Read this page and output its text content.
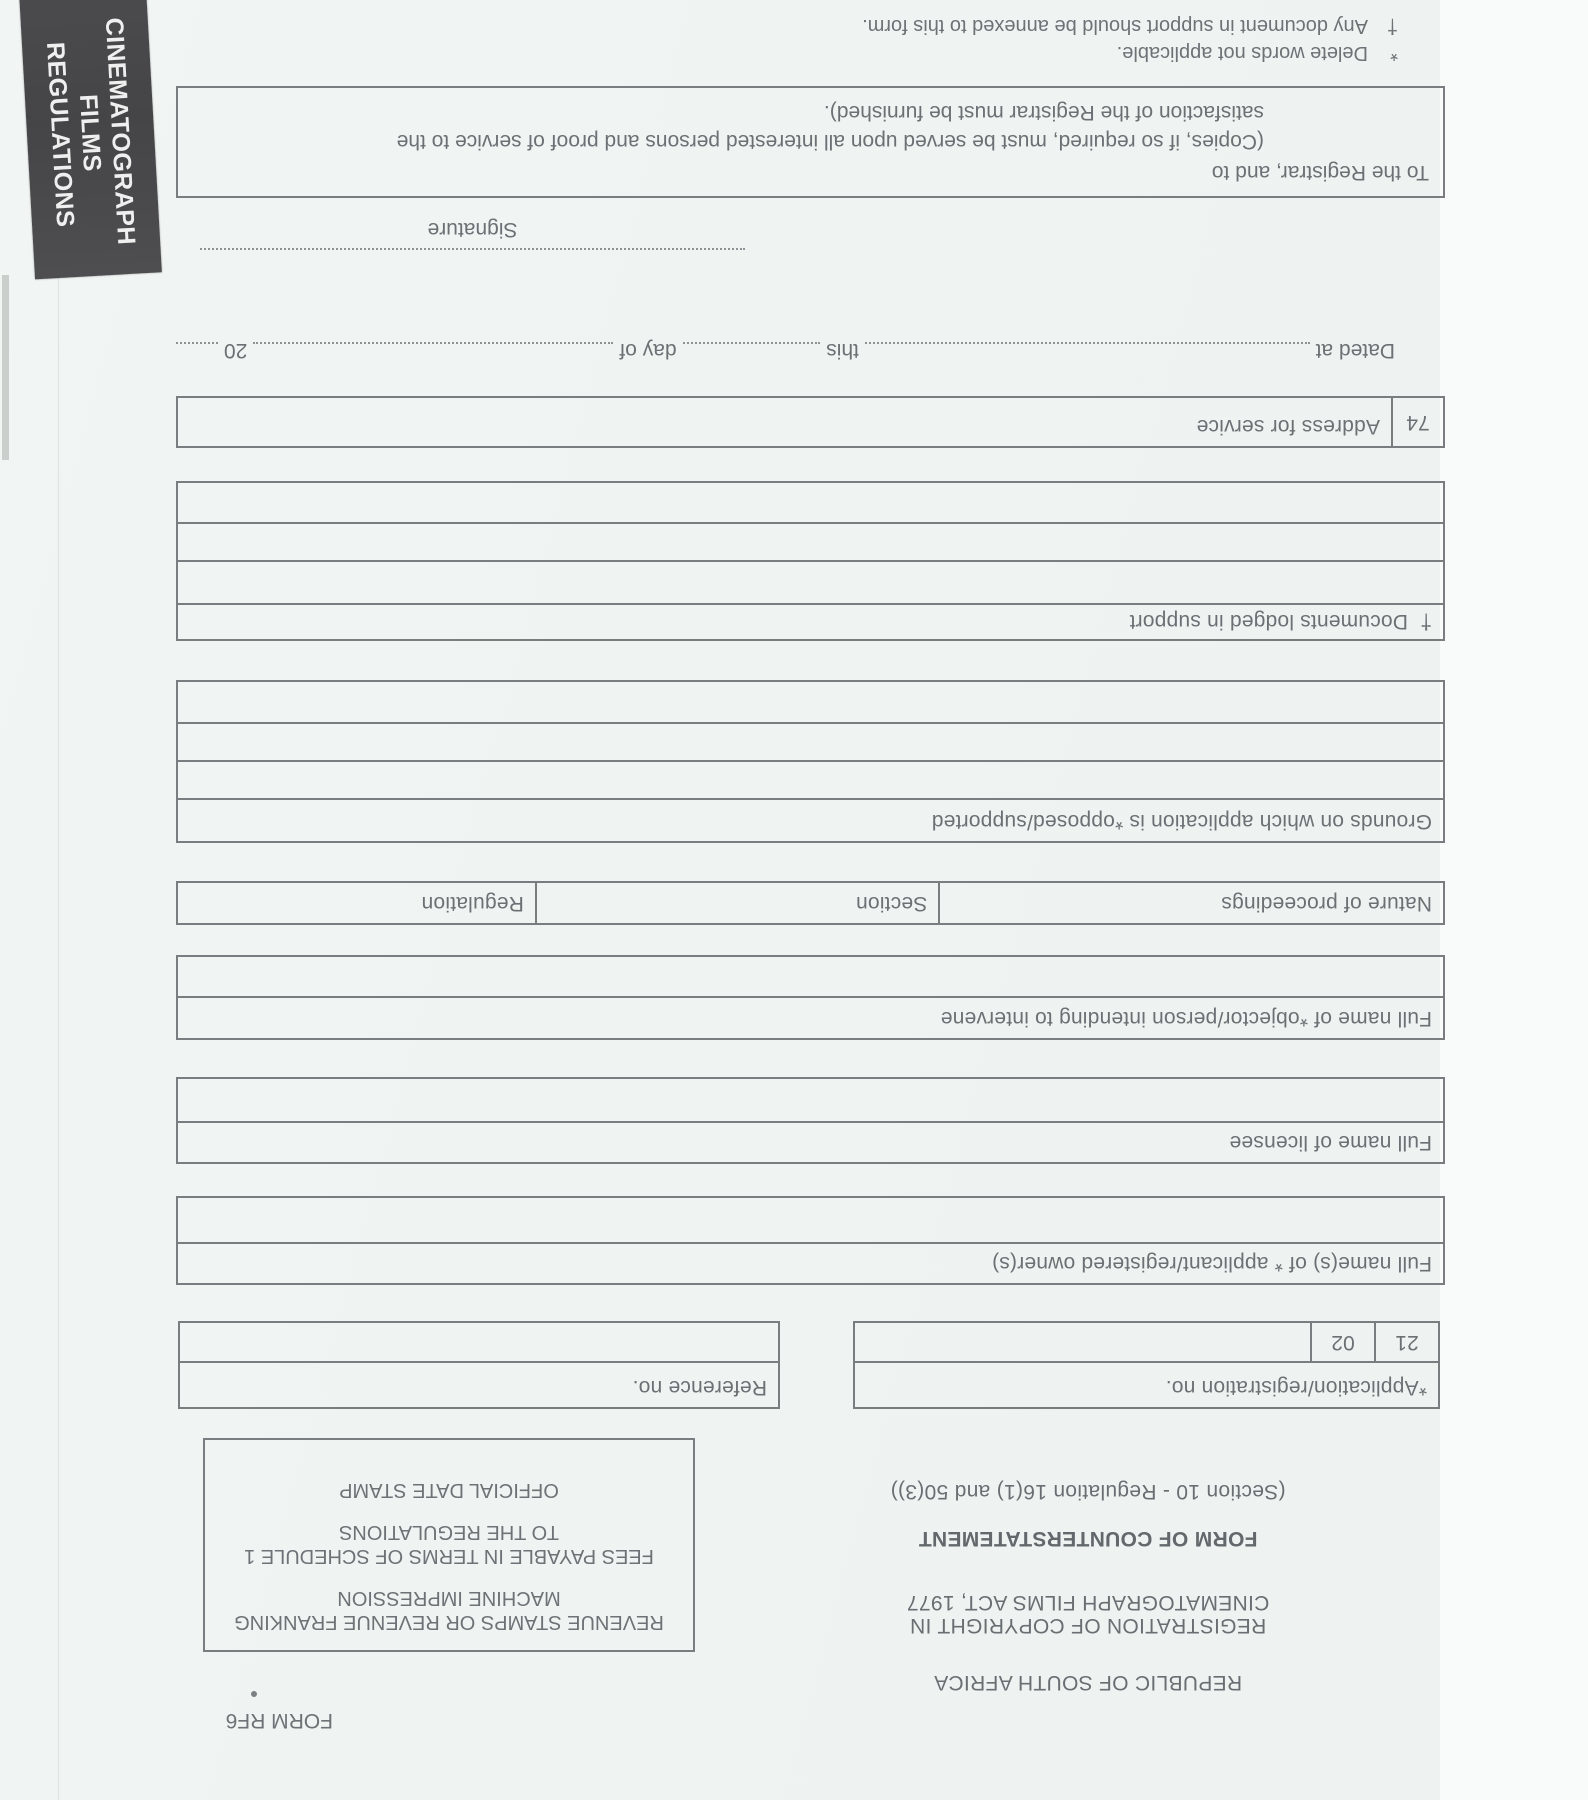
FORM RF6
REPUBLIC OF SOUTH AFRICA
REGISTRATION OF COPYRIGHT IN
CINEMATOGRAPH FILMS ACT, 1977
FORM OF COUNTERSTATEMENT
(Section 10 - Regulation 16(1) and 50(3))
REVENUE STAMPS OR REVENUE FRANKING
MACHINE IMPRESSION
FEES PAYABLE IN TERMS OF SCHEDULE 1
TO THE REGULATIONS
OFFICIAL DATE STAMP
*Application/registration no.
21
02
Reference no.
Full name(s) of * applicant/registered owner(s)
Full name of licensee
Full name of *objector/person intending to intervene
Nature of proceedings
Section
Regulation
Grounds on which application is *opposed/supported
†Documents lodged in support
74
Address for service
Dated at
this
day of
20
Signature
To the Registrar, and to
(Copies, if so required, must be served upon all interested persons and proof of service to the
satisfaction of the Registrar must be furnished).
*Delete words not applicable.
†Any document in support should be annexed to this form.
CINEMATOGRAPH
FILMS
REGULATIONS
